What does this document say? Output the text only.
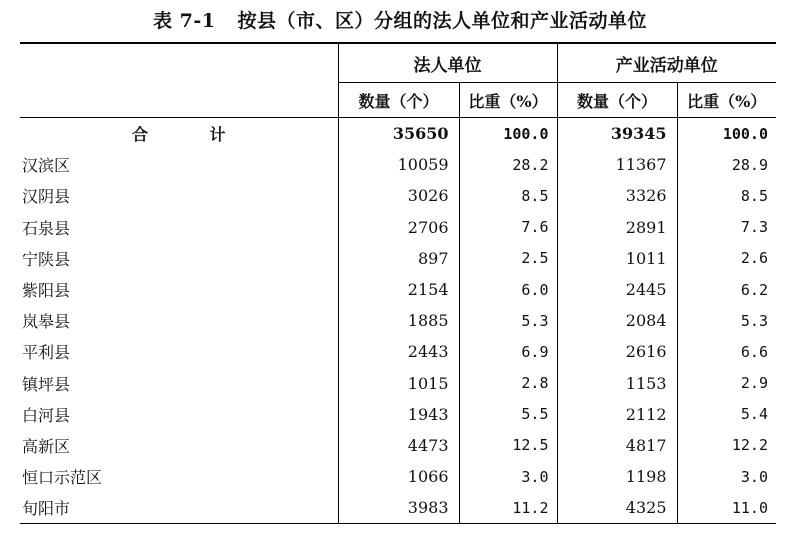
表 7-1 按县（市、区）分组的法人单位和产业活动单位
	法人单位		产业活动单位	
	数量（个）	比重（%）	数量（个）	比重（%）
合 计	35650	100.0	39345	100.0
汉滨区	10059	28.2	11367	28.9
汉阴县	3026	8.5	3326	8.5
石泉县	2706	7.6	2891	7.3
宁陕县	897	2.5	1011	2.6
紫阳县	2154	6.0	2445	6.2
岚皋县	1885	5.3	2084	5.3
平利县	2443	6.9	2616	6.6
镇坪县	1015	2.8	1153	2.9
白河县	1943	5.5	2112	5.4
高新区	4473	12.5	4817	12.2
恒口示范区	1066	3.0	1198	3.0
旬阳市	3983	11.2	4325	11.0
